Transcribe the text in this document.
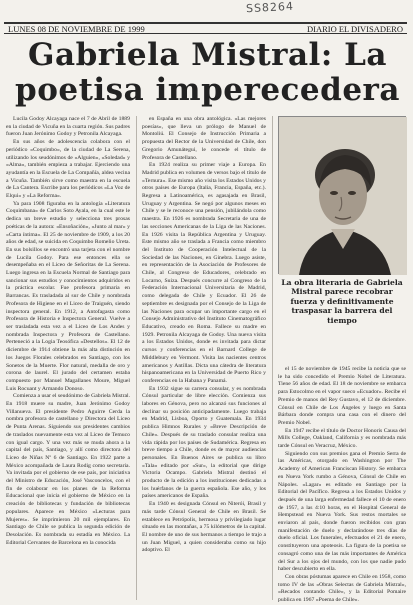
SS8264
LUNES 08 DE NOVIEMBRE DE 1999	DIARIO EL DIVISADERO
Gabriela Mistral: La poetisa imperecedera

Lucila Godoy Alcayaga nace el 7 de Abril de 1889 en la ciudad de Vicuña en la cuarta región. Sus padres fueron Juan Jerónimo Godoy y Petronila Alcayaga.

En sus años de adolescencia colabora con el periódico «Coquimbo», de la ciudad de La Serena, utilizando los seudónimos de «Alguien», «Soledad» y «Alma», también empieza a trabajar. Ejerciendo una ayudantía en la Escuela de La Compañía, aldea vecina a Vicuña. También sirve como maestra en la escuela de La Cantera. Escribe para los periódicos «La Voz de Elqui» y «La Reforma».

Ya para 1908 figuraba en la antología «Literatura Coquimbana» de Carlos Soto Ayala, en la cual este le dedica un breve estudio y selecciona tres prosas poéticas de la autora: «Ensoñación», «Junto al mar» y «Carta íntima». El 25 de noviembre de 1909, a los 20 años de edad, se suicida en Coquimbo Romelio Ureta. En sus bolsillos se encontró una tarjeta con el nombre de Lucila Godoy. Para ese entonces ella se desempeñaba en el Liceo de Señoritas de La Serena. Luego ingresa en la Escuela Normal de Santiago para sancionar sus estudios y conocimientos adquiridos en la práctica escolar. Fue profesora primaria en Barrancas. Es trasladada al sur de Chile y nombrada Profesora de Higiene en el Liceo de Traiguén, siendo inspectora general. En 1912, a Antofagasta como Profesora de Historia e Inspectora General. Vuelve a ser trasladada esta vez a el Liceo de Los Andes y nombrada Inspectora y Profesora de Castellano. Perteneció a la Logia Teosófica «Destellos». El 12 de diciembre de 1914 obtiene la más alta distinción en los Juegos Florales celebrados en Santiago, con los Sonetos de la Muerte. Flor natural, medalla de oro y corona de laurel. El jurado del certamen estaba compuesto por Manuel Magallanes Moure, Miguel Luis Rocuant y Armando Donoso.

Comienza a usar el seudónimo de Gabriela Mistral. En 1918 muere su madre, Juan Jerónimo Godoy Villanueva. El presidente Pedro Aguirre Cerda la nombra profesora de castellano y Directora del Liceo de Punta Arenas. Siguiendo sus presidentes cambios de traslados nuevamente esta vez al Liceo de Temuco con igual cargo. Y una vez más se muda ahora a la capital del país, Santiago, y allí como directora del Liceo de Niñas Nº 6 de Santiago. En 1922 parte a México acompañada de Laura Rodig como secretaria. Va invitada por el gobierno de ese país, por iniciativa del Ministro de Educación, José Vasconcelos, con el fin de colaborar en los planes de la Reforma Educacional que inicia el gobierno de México en la creación de bibliotecas y fundación de bibliotecas populares. Aparece en México «Lecturas para Mujeres». Se imprimieron 20 mil ejemplares. En Santiago de Chile se publica la segunda edición de Desolación. Es nombrada su estadía en México. La Editorial Cervantes de Barcelona en la conocida

en España en una obra antológica. «Las mejores poesías», que lleva un prólogo de Manuel de Montoliú. El Consejo de Instrucción Primaria a propuesta del Rector de la Universidad de Chile, don Gregorio Amunátegui, le concede el título de Profesora de Castellano.

En 1924 realiza su primer viaje a Europa. En Madrid publica en volumen de versos bajo el título de «Ternura». Ese mismo año visita los Estados Unidos y otros países de Europa (Italia, Francia, España, etc.). Regresa a Latinoamérica, es agasajada en Brasil, Uruguay y Argentina. Se negó por algunos meses en Chile y se le reconoce una pensión, jubilándola como maestra. En 1926 es nombrada Secretaria de una de las secciones Americanas de la Liga de las Naciones. En 1926 visita la República Argentina y Uruguay. Este mismo año se traslada a Francia como miembro del Instituto de Cooperación Intelectual de la Sociedad de las Naciones, en Ginebra. Luego asiste, en representación de la Asociación de Profesores de Chile, al Congreso de Educadores, celebrado en Locarno, Suiza. Después concurre al Congreso de la Federación Internacional Universitaria de Madrid, como delegada de Chile y Ecuador. El 26 de septiembre es designada por el Consejo de la Liga de las Naciones para ocupar un importante cargo en el Consejo Administrativo del Instituto Cinematográfico Educativo, creado en Roma. Fallece su madre en 1929. Petronila Alcayaga de Godoy. Una nueva visita a los Estados Unidos, donde es invitada para dictar cursos y conferencias en el Barnard College de Middlebury en Vermont. Visita las nacientes centros americanos y Antillas. Dicta una cátedra de literatura hispanoamericana en la Universidad de Puerto Rico y conferencias en la Habana y Panamá.

En 1932 sigue su carrera consular, y es nombrada Cónsul particular de libre elección. Comienza sus labores en Génova, pero no alcanzó sus funciones al declinar su posición anticipadamente. Luego trabaja en Madrid, Lisboa, Oporto y Guatemala. En 1934 publica Himnos Rurales y «Breve Descripción de Chile». Después de su traslado consular realiza una vida rápida por los países de Sudamérica. Regresa en breve tiempo a Chile, donde es de mayor audiencias personales. En Buenos Aires se publica su libro «Tala» editado por «Sur», la editorial que dirige Victoria Ocampo. Gabriela Mistral destinó el producto de la edición a los instituciones dedicadas a los huérfanos de la guerra española. Ese año, y los países americanos de España.

En 1940 es designada Cónsul en Niterói, Brasil y más tarde Cónsul General de Chile en Brasil. Se establece en Petrópolis, hermosa y privilegiado lugar situado en las montañas, a 75 kilómetros de la capital. El nombre de uno de sus hermanos a tiempo le trajo a un Juan Miguel, a quien consideraba como su hijo adoptivo. El

La obra literaria de Gabriela Mistral parece recobrar fuerza y definitivamente traspasar la barrera del tiempo

el 15 de noviembre de 1945 recibe la noticia que se le ha sido concedido el Premio Nobel de Literatura. Tiene 56 años de edad. El 18 de noviembre se embarca para Estocolmo en el vapor sueco «Ecuador». Recibe el Premio de manos del Rey Gustavo, el 12 de diciembre. Cónsul en Chile de Los Ángeles y luego en Santa Bárbara donde compra una casa con el dinero del Premio Nobel.

En 1947 recibe el título de Doctor Honoris Causa del Mills College, Oakland, California y es nombrada más tarde Cónsul en Veracruz, México.

Siguiendo con sus premios gana el Premio Serra de las Américas, otorgado en Washington por The Academy of American Franciscan History. Se embarca en Nueva York rumbo a Génova, Cónsul de Chile en Nápoles. «Lagar» es editado en Santiago por la Editorial del Pacífico. Regresa a los Estados Unidos y después de una larga enfermedad fallece el 10 de enero de 1957, a las 4:10 horas, en el Hospital General de Hempstead en Nueva York. Sus restos mortales se enviaron al país, donde fueron recibidos con gran manifestación de duelo y declarándose tres días de duelo oficial. Los funerales, efectuados el 21 de enero, constituyeron una apoteosis. La figura de la poetisa se consagró como una de las más importantes de América del Sur a los ojos del mundo, con los que nadie pudo haber descubierto en ella.

Con obras póstumas aparece en Chile en 1958, como tomo IV de las «Obras Selectas de Gabriela Mistral», «Recados contando Chile», y la Editorial Pomaire publica en 1967 «Poema de Chile».
